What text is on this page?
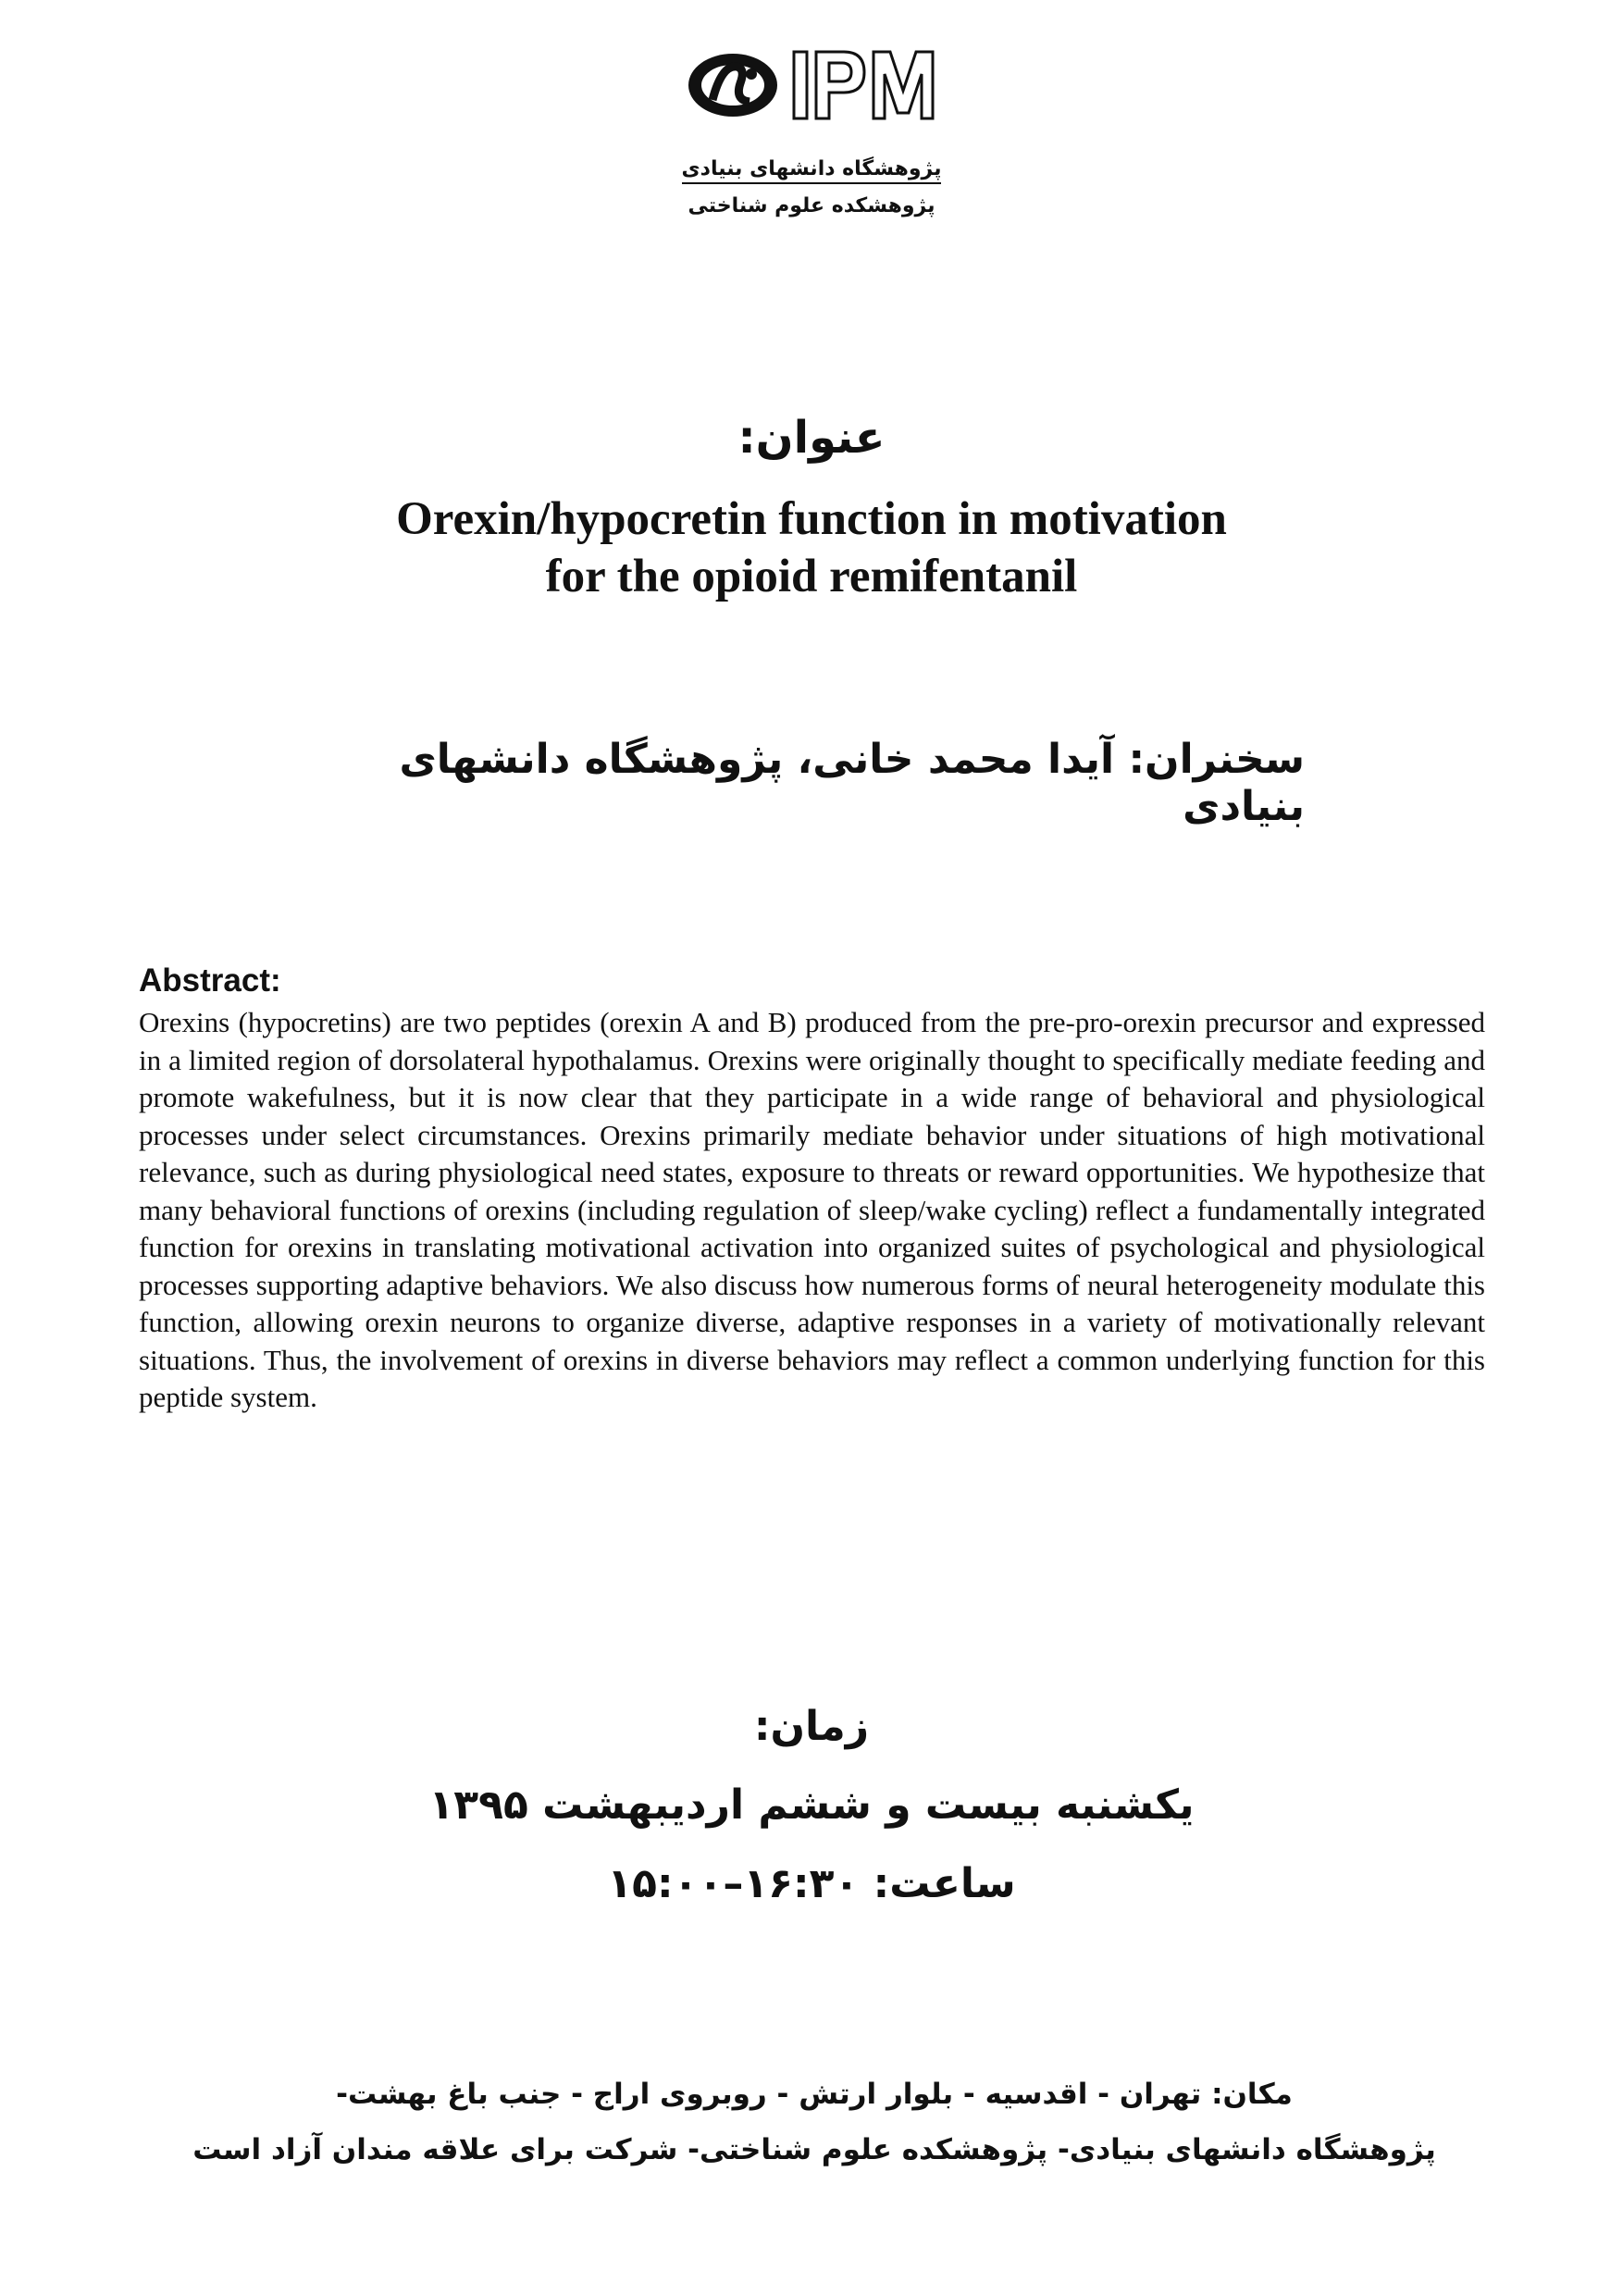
پژوهشگاه دانشهای بنیادی
پژوهشکده علوم شناختی
عنوان:
Orexin/hypocretin function in motivation
for the opioid remifentanil
سخنران: آیدا محمد خانی، پژوهشگاه دانشهای بنیادی
Abstract:
Orexins (hypocretins) are two peptides (orexin A and B) produced from the pre-pro-orexin precursor and expressed in a limited region of dorsolateral hypothalamus. Orexins were originally thought to specifically mediate feeding and promote wakefulness, but it is now clear that they participate in a wide range of behavioral and physiological processes under select circumstances. Orexins primarily mediate behavior under situations of high motivational relevance, such as during physiological need states, exposure to threats or reward opportunities. We hypothesize that many behavioral functions of orexins (including regulation of sleep/wake cycling) reflect a fundamentally integrated function for orexins in translating motivational activation into organized suites of psychological and physiological processes supporting adaptive behaviors. We also discuss how numerous forms of neural heterogeneity modulate this function, allowing orexin neurons to organize diverse, adaptive responses in a variety of motivationally relevant situations. Thus, the involvement of orexins in diverse behaviors may reflect a common underlying function for this peptide system.
زمان:
یکشنبه بیست و ششم اردیبهشت ۱۳۹۵
ساعت: ۱۶:۳۰–۱۵:۰۰
مکان: تهران - اقدسیه - بلوار ارتش - روبروی اراج - جنب باغ بهشت-
پژوهشگاه دانشهای بنیادی- پژوهشکده علوم شناختی- شرکت برای علاقه مندان آزاد است
